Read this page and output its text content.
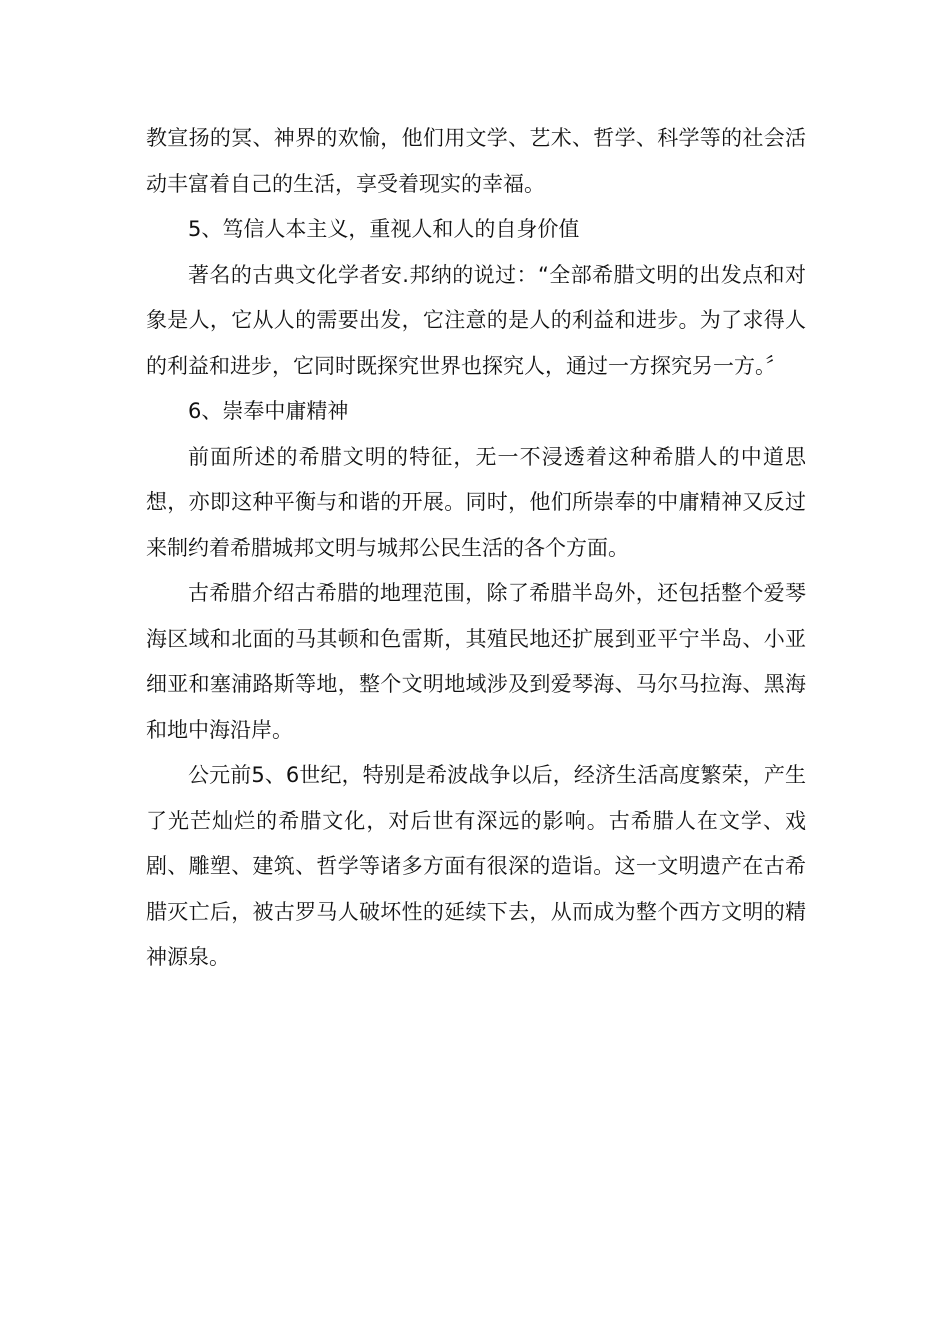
教宣扬的冥、神界的欢愉，他们用文学、艺术、哲学、科学等的社会活动丰富着自己的生活，享受着现实的幸福。

5、笃信人本主义，重视人和人的自身价值

著名的古典文化学者安.邦纳的说过：“全部希腊文明的出发点和对象是人，它从人的需要出发，它注意的是人的利益和进步。为了求得人的利益和进步，它同时既探究世界也探究人，通过一方探究另一方。〞

6、崇奉中庸精神

前面所述的希腊文明的特征，无一不浸透着这种希腊人的中道思想，亦即这种平衡与和谐的开展。同时，他们所崇奉的中庸精神又反过来制约着希腊城邦文明与城邦公民生活的各个方面。

古希腊介绍古希腊的地理范围，除了希腊半岛外，还包括整个爱琴海区域和北面的马其顿和色雷斯，其殖民地还扩展到亚平宁半岛、小亚细亚和塞浦路斯等地，整个文明地域涉及到爱琴海、马尔马拉海、黑海和地中海沿岸。

公元前5、6世纪，特别是希波战争以后，经济生活高度繁荣，产生了光芒灿烂的希腊文化，对后世有深远的影响。古希腊人在文学、戏剧、雕塑、建筑、哲学等诸多方面有很深的造诣。这一文明遗产在古希腊灭亡后，被古罗马人破坏性的延续下去，从而成为整个西方文明的精神源泉。
